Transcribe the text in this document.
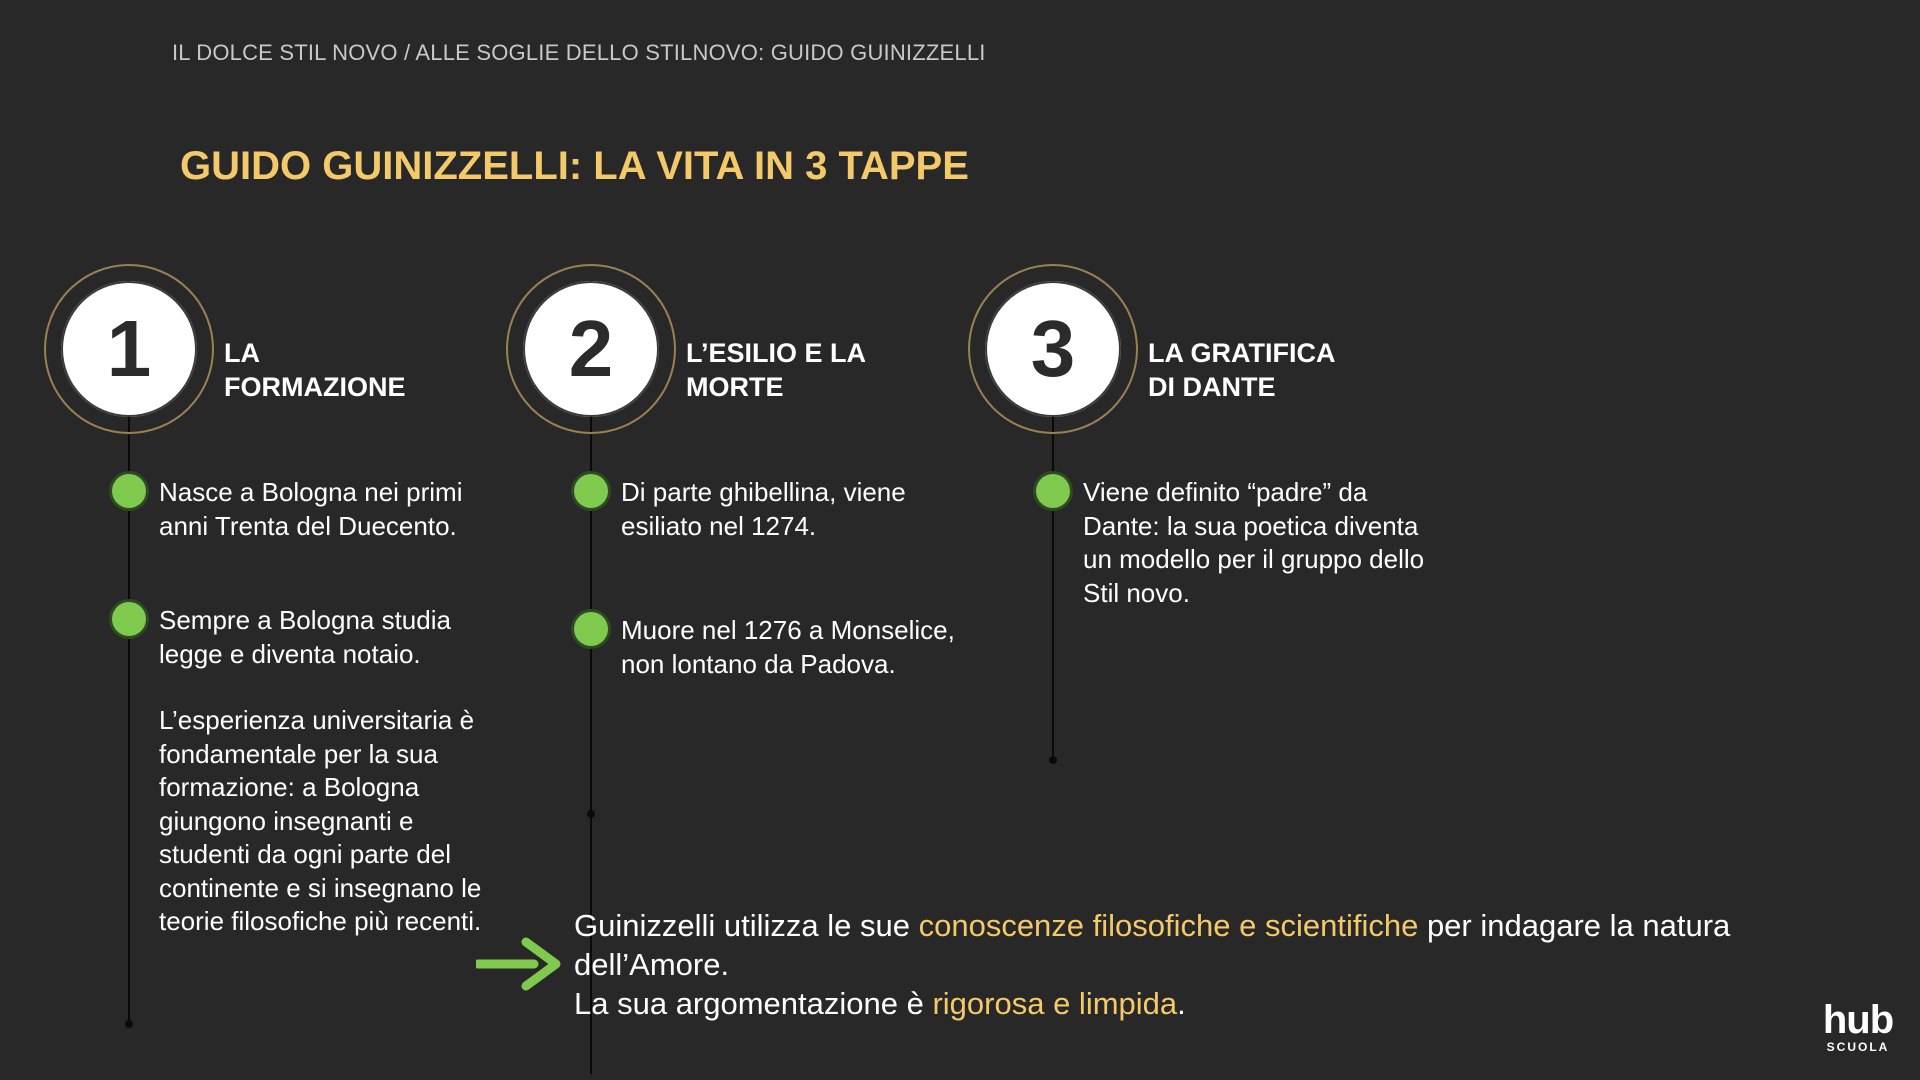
IL DOLCE STIL NOVO / ALLE SOGLIE DELLO STILNOVO: GUIDO GUINIZZELLI
GUIDO GUINIZZELLI: LA VITA IN 3 TAPPE
1	LA
FORMAZIONE
Nasce a Bologna nei primi anni Trenta del Duecento.
Sempre a Bologna studia legge e diventa notaio.
L’esperienza universitaria è fondamentale per la sua formazione: a Bologna giungono insegnanti e studenti da ogni parte del continente e si insegnano le teorie filosofiche più recenti.
2	L’ESILIO E LA
MORTE
Di parte ghibellina, viene esiliato nel 1274.
Muore nel 1276 a Monselice, non lontano da Padova.
3	LA GRATIFICA
DI DANTE
Viene definito “padre” da Dante: la sua poetica diventa un modello per il gruppo dello Stil novo.
Guinizzelli utilizza le sue conoscenze filosofiche e scientifiche per indagare la natura dell’Amore.
La sua argomentazione è rigorosa e limpida.	hub
SCUOLA
